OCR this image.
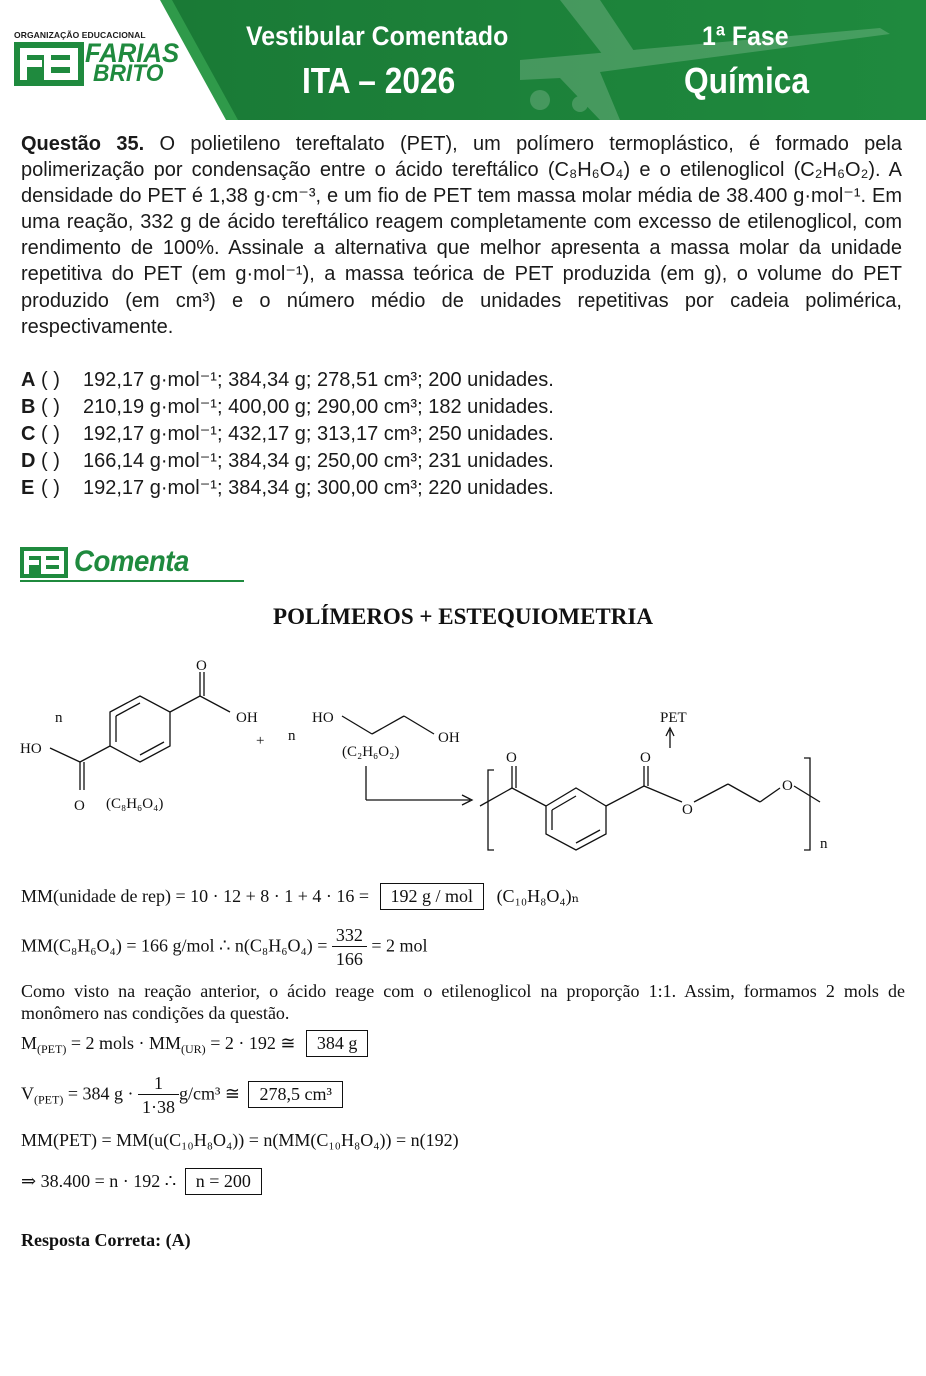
ORGANIZAÇÃO EDUCACIONAL
FARIAS
BRITO
Vestibular Comentado
ITA – 2026
1ª Fase
Química
Questão 35. O polietileno tereftalato (PET), um polímero termoplástico, é formado pela polimerização por condensação entre o ácido tereftálico (C₈H₆O₄) e o etilenoglicol (C₂H₆O₂). A densidade do PET é 1,38 g·cm⁻³, e um fio de PET tem massa molar média de 38.400 g·mol⁻¹. Em uma reação, 332 g de ácido tereftálico reagem completamente com excesso de etilenoglicol, com rendimento de 100%. Assinale a alternativa que melhor apresenta a massa molar da unidade repetitiva do PET (em g·mol⁻¹), a massa teórica de PET produzida (em g), o volume do PET produzido (em cm³) e o número médio de unidades repetitivas por cadeia polimérica, respectivamente.
A ( ) 192,17 g·mol⁻¹; 384,34 g; 278,51 cm³; 200 unidades.
B ( ) 210,19 g·mol⁻¹; 400,00 g; 290,00 cm³; 182 unidades.
C ( ) 192,17 g·mol⁻¹; 432,17 g; 313,17 cm³; 250 unidades.
D ( ) 166,14 g·mol⁻¹; 384,34 g; 250,00 cm³; 231 unidades.
E ( ) 192,17 g·mol⁻¹; 384,34 g; 300,00 cm³; 220 unidades.
Comenta
POLÍMEROS + ESTEQUIOMETRIA
O
OH
HO
O
n
(C₈H₆O₄)
+ n
HO
OH
(C₂H₆O₂)	O	O
O
O
PET
n
MM(unidade de rep) = 10 · 12 + 8 · 1 + 4 · 16 = 192 g / mol (C₁₀H₈O₄)ₙ
MM(C₈H₆O₄) = 166 g/mol ∴ $n(C_8H_6O_4) = \frac{332}{166} = 2$ mol
Como visto na reação anterior, o ácido reage com o etilenoglicol na proporção 1:1. Assim, formamos 2 mols de monômero nas condições da questão.
$M_{(PET)} = 2$ mols · $MM_{(UR)} = 2 \cdot 192$ ≅ 384 g
$V_{(PET)} = 384$ $g \cdot \frac{1}{1\cdot 38} g/cm^3$ ≅ 278,5 cm³
MM(PET) = MM(u(C₁₀H₈O₄)) = n(MM(C₁₀H₈O₄)) = n(192)
⇒ 38.400 = n · 192 ∴ n = 200
Resposta Correta: (A)
